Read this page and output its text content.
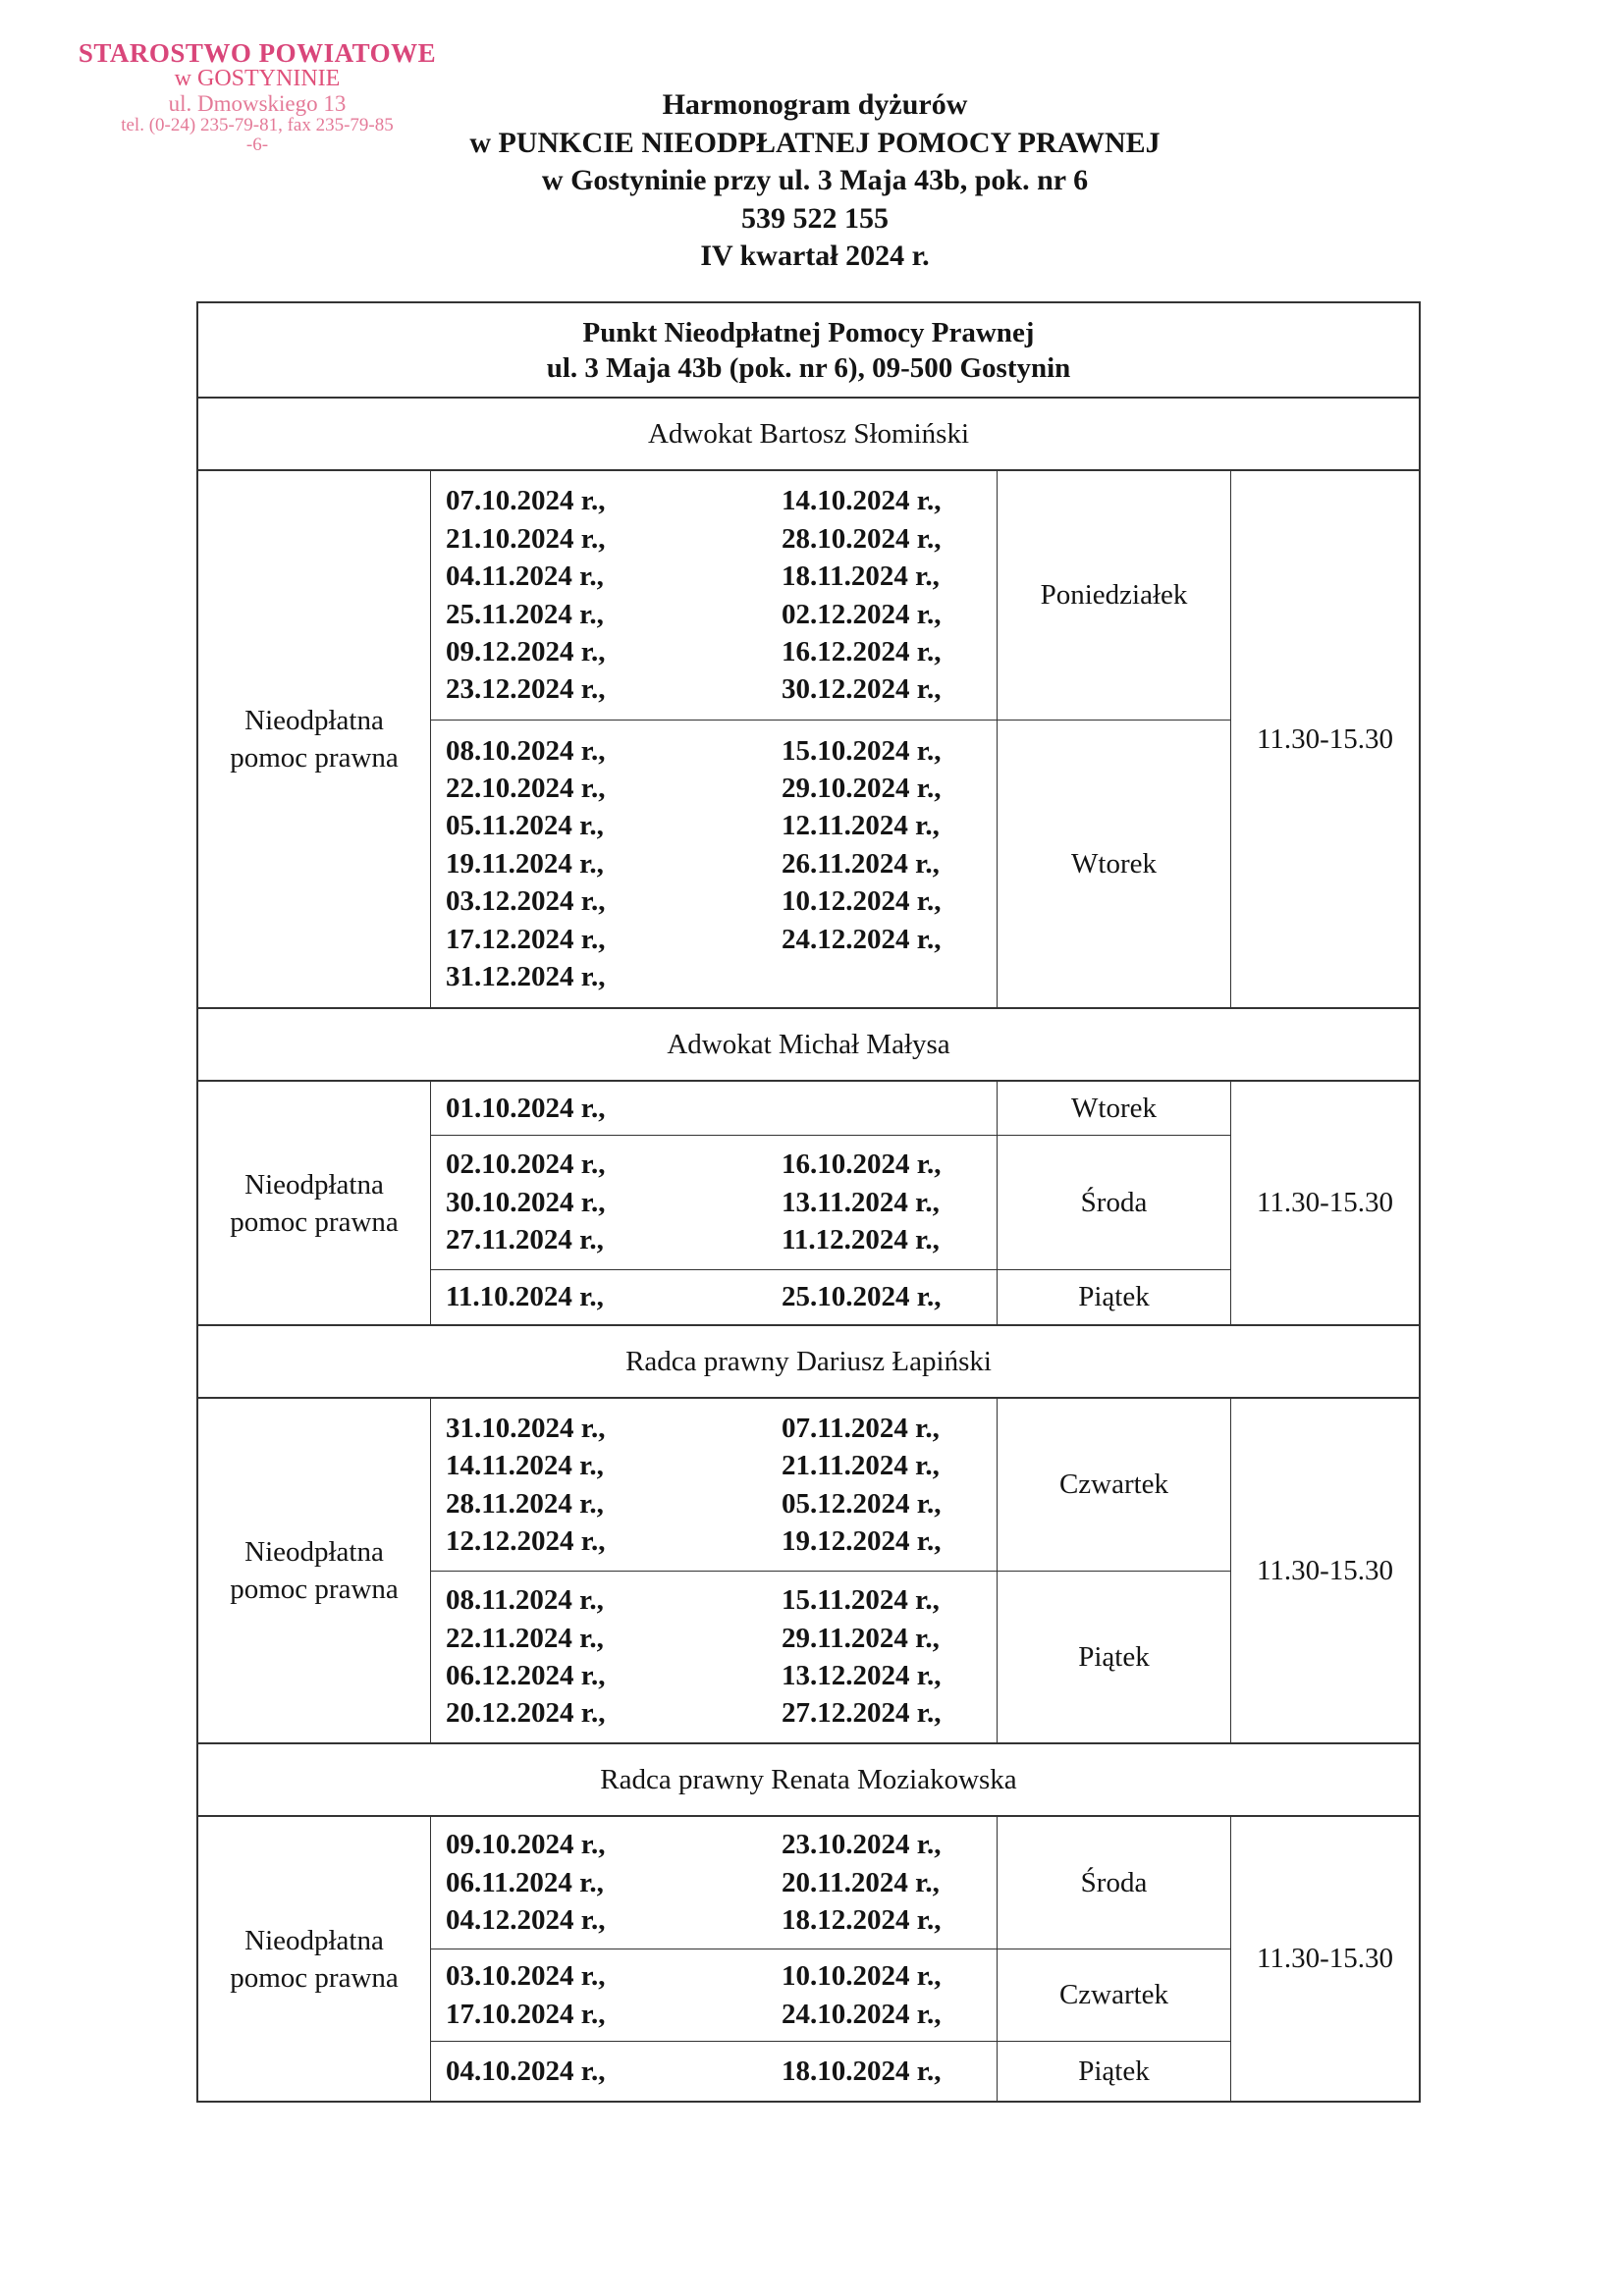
STAROSTWO POWIATOWE
w GOSTYNINIE
ul. Dmowskiego 13
tel. (0-24) 235-79-81, fax 235-79-85
-6-
Harmonogram dyżurów
w PUNKCIE NIEODPŁATNEJ POMOCY PRAWNEJ
w Gostyninie przy ul. 3 Maja 43b, pok. nr 6
539 522 155
IV kwartał 2024 r.
Punkt Nieodpłatnej Pomocy Prawnej
ul. 3 Maja 43b (pok. nr 6), 09-500 Gostynin
Adwokat Bartosz Słomiński
Nieodpłatna
pomoc prawna
07.10.2024 r.,	14.10.2024 r.,
21.10.2024 r.,	28.10.2024 r.,
04.11.2024 r.,	18.11.2024 r.,
25.11.2024 r.,	02.12.2024 r.,
09.12.2024 r.,	16.12.2024 r.,
23.12.2024 r.,	30.12.2024 r.,
Poniedziałek
08.10.2024 r.,	15.10.2024 r.,
22.10.2024 r.,	29.10.2024 r.,
05.11.2024 r.,	12.11.2024 r.,
19.11.2024 r.,	26.11.2024 r.,
03.12.2024 r.,	10.12.2024 r.,
17.12.2024 r.,	24.12.2024 r.,
31.12.2024 r.,
Wtorek
11.30-15.30
Adwokat Michał Małysa
Nieodpłatna
pomoc prawna
01.10.2024 r.,	Wtorek
02.10.2024 r.,	16.10.2024 r.,
30.10.2024 r.,	13.11.2024 r.,
27.11.2024 r.,	11.12.2024 r.,
Środa
11.10.2024 r.,	25.10.2024 r.,	Piątek
11.30-15.30
Radca prawny Dariusz Łapiński
Nieodpłatna
pomoc prawna
31.10.2024 r.,	07.11.2024 r.,
14.11.2024 r.,	21.11.2024 r.,
28.11.2024 r.,	05.12.2024 r.,
12.12.2024 r.,	19.12.2024 r.,
Czwartek
08.11.2024 r.,	15.11.2024 r.,
22.11.2024 r.,	29.11.2024 r.,
06.12.2024 r.,	13.12.2024 r.,
20.12.2024 r.,	27.12.2024 r.,
Piątek
11.30-15.30
Radca prawny Renata Moziakowska
Nieodpłatna
pomoc prawna
09.10.2024 r.,	23.10.2024 r.,
06.11.2024 r.,	20.11.2024 r.,
04.12.2024 r.,	18.12.2024 r.,
Środa
03.10.2024 r.,	10.10.2024 r.,
17.10.2024 r.,	24.10.2024 r.,
Czwartek
04.10.2024 r.,	18.10.2024 r.,	Piątek
11.30-15.30
